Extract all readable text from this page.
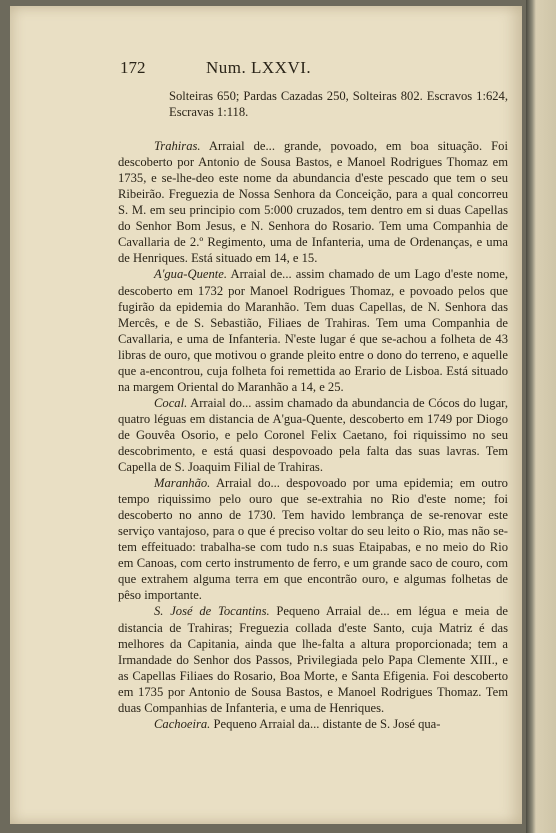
172	Num. LXXVI.
Solteiras 650; Pardas Cazadas 250, Solteiras 802. Escravos 1:624, Escravas 1:118.

Trahiras. Arraial de... grande, povoado, em boa situação. Foi descoberto por Antonio de Sousa Bastos, e Manoel Rodrigues Thomaz em 1735, e se-lhe-deo este nome da abundancia d'este pescado que tem o seu Ribeirão. Freguezia de Nossa Senhora da Conceição, para a qual concorreu S. M. em seu principio com 5:000 cruzados, tem dentro em si duas Capellas do Senhor Bom Jesus, e N. Senhora do Rosario. Tem uma Companhia de Cavallaria de 2.º Regimento, uma de Infanteria, uma de Ordenanças, e uma de Henriques. Está situado em 14, e 15.

A'gua-Quente. Arraial de... assim chamado de um Lago d'este nome, descoberto em 1732 por Manoel Rodrigues Thomaz, e povoado pelos que fugirão da epidemia do Maranhão. Tem duas Capellas, de N. Senhora das Mercês, e de S. Sebastião, Filiaes de Trahiras. Tem uma Companhia de Cavallaria, e uma de Infanteria. N'este lugar é que se-achou a folheta de 43 libras de ouro, que motivou o grande pleito entre o dono do terreno, e aquelle que a-encontrou, cuja folheta foi remettida ao Erario de Lisboa. Está situado na margem Oriental do Maranhão a 14, e 25.

Cocal. Arraial do... assim chamado da abundancia de Cócos do lugar, quatro léguas em distancia de A'gua-Quente, descoberto em 1749 por Diogo de Gouvêa Osorio, e pelo Coronel Felix Caetano, foi riquissimo no seu descobrimento, e está quasi despovoado pela falta das suas lavras. Tem Capella de S. Joaquim Filial de Trahiras.

Maranhão. Arraial do... despovoado por uma epidemia; em outro tempo riquissimo pelo ouro que se-extrahia no Rio d'este nome; foi descoberto no anno de 1730. Tem havido lembrança de se-renovar este serviço vantajoso, para o que é preciso voltar do seu leito o Rio, mas não se-tem effeituado: trabalha-se com tudo n.s suas Etaipabas, e no meio do Rio em Canoas, com certo instrumento de ferro, e um grande saco de couro, com que extrahem alguma terra em que encontrão ouro, e algumas folhetas de pêso importante.

S. José de Tocantins. Pequeno Arraial de... em légua e meia de distancia de Trahiras; Freguezia collada d'este Santo, cuja Matriz é das melhores da Capitania, ainda que lhe-falta a altura proporcionada; tem a Irmandade do Senhor dos Passos, Privilegiada pelo Papa Clemente XIII., e as Capellas Filiaes do Rosario, Boa Morte, e Santa Efigenia. Foi descoberto em 1735 por Antonio de Sousa Bastos, e Manoel Rodrigues Thomaz. Tem duas Companhias de Infanteria, e uma de Henriques.

Cachoeira. Pequeno Arraial da... distante de S. José qua-
